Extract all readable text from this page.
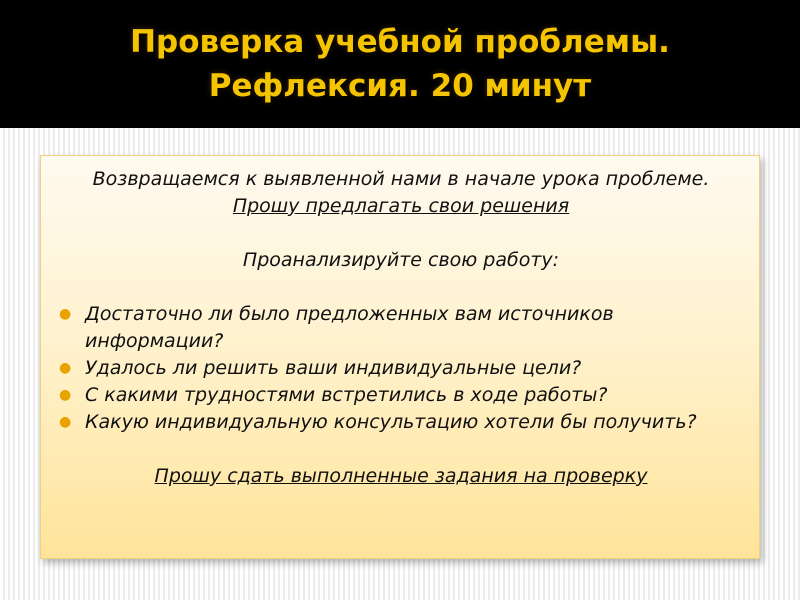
Проверка учебной проблемы.
Рефлексия. 20 минут
Возвращаемся к выявленной нами в начале урока проблеме.
Прошу предлагать свои решения
Проанализируйте свою работу:
● Достаточно ли было предложенных вам источников информации?
● Удалось ли решить ваши индивидуальные цели?
● С какими трудностями встретились в ходе работы?
● Какую индивидуальную консультацию хотели бы получить?
Прошу сдать выполненные задания на проверку
